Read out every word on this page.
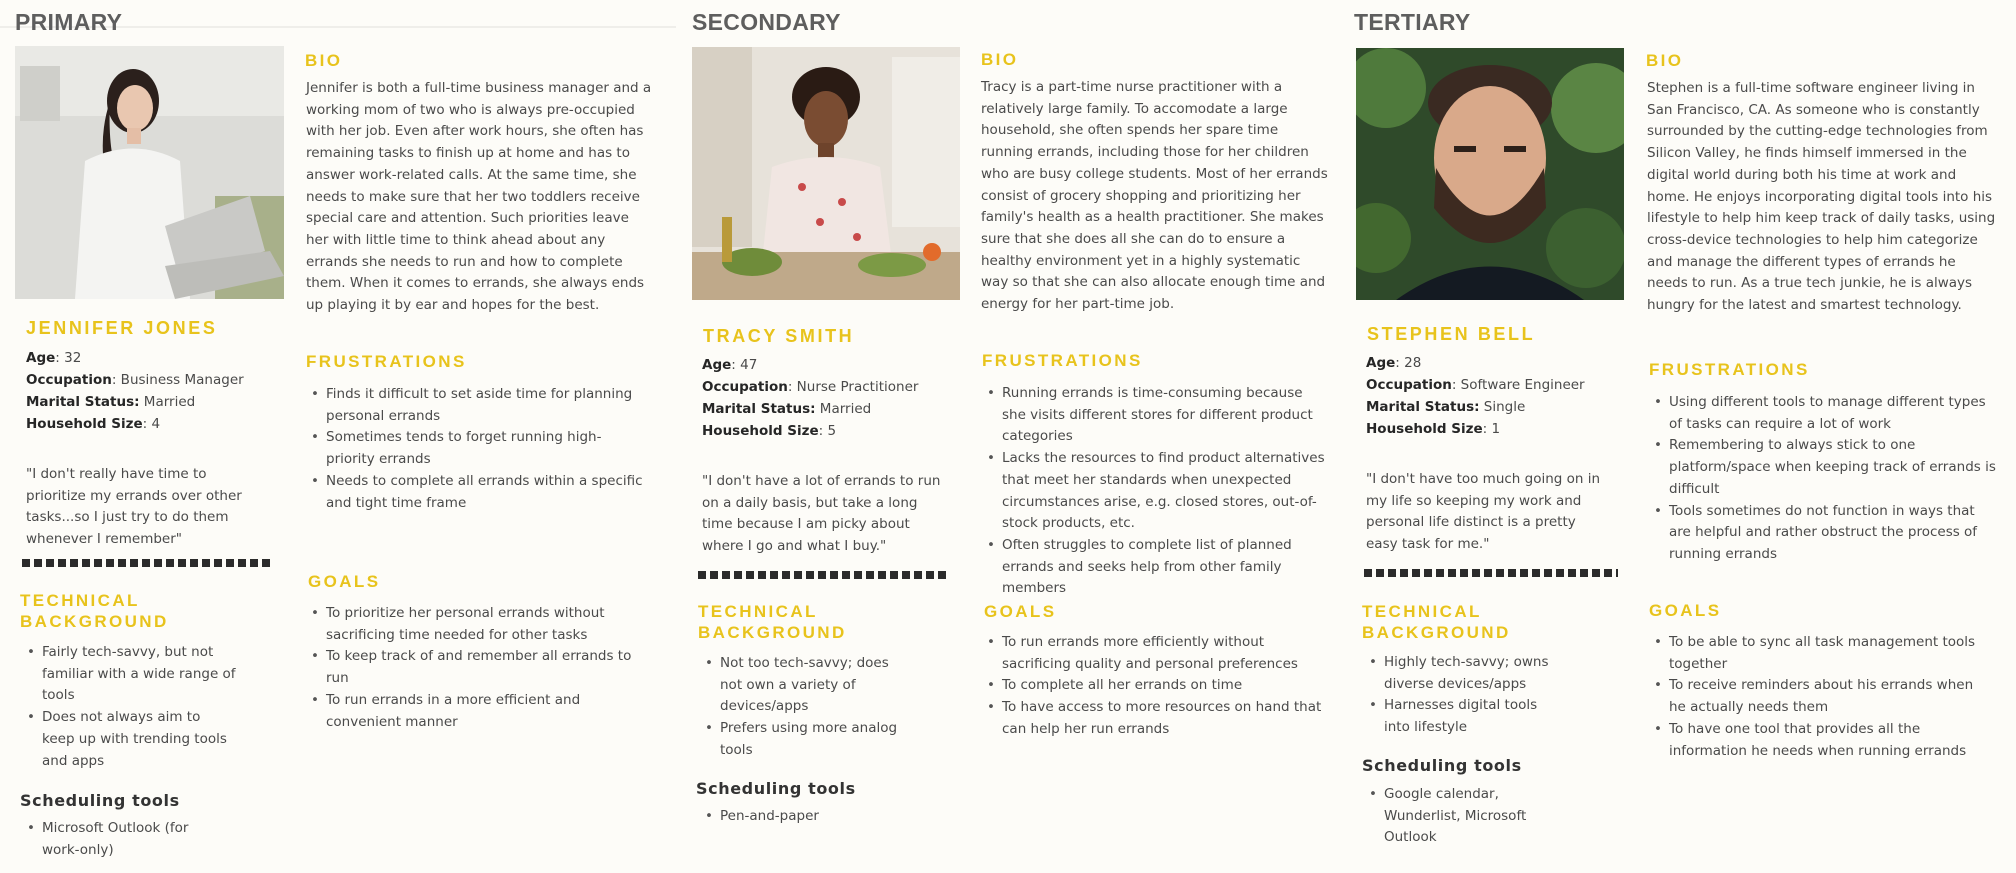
PRIMARY
JENNIFER JONES
Age: 32
Occupation: Business Manager
Marital Status: Married
Household Size: 4
"I don't really have time to prioritize my errands over other tasks...so I just try to do them whenever I remember"
TECHNICAL BACKGROUND
• Fairly tech-savvy, but not familiar with a wide range of tools
• Does not always aim to keep up with trending tools and apps
Scheduling tools
• Microsoft Outlook (for work-only)
BIO
Jennifer is both a full-time business manager and a working mom of two who is always pre-occupied with her job. Even after work hours, she often has remaining tasks to finish up at home and has to answer work-related calls. At the same time, she needs to make sure that her two toddlers receive special care and attention. Such priorities leave her with little time to think ahead about any errands she needs to run and how to complete them. When it comes to errands, she always ends up playing it by ear and hopes for the best.
FRUSTRATIONS
• Finds it difficult to set aside time for planning personal errands
• Sometimes tends to forget running high-priority errands
• Needs to complete all errands within a specific and tight time frame
GOALS
• To prioritize her personal errands without sacrificing time needed for other tasks
• To keep track of and remember all errands to run
• To run errands in a more efficient and convenient manner
SECONDARY
TRACY SMITH
Age: 47
Occupation: Nurse Practitioner
Marital Status: Married
Household Size: 5
"I don't have a lot of errands to run on a daily basis, but take a long time because I am picky about where I go and what I buy."
TECHNICAL BACKGROUND
• Not too tech-savvy; does not own a variety of devices/apps
• Prefers using more analog tools
Scheduling tools
• Pen-and-paper
BIO
Tracy is a part-time nurse practitioner with a relatively large family. To accomodate a large household, she often spends her spare time running errands, including those for her children who are busy college students. Most of her errands consist of grocery shopping and prioritizing her family's health as a health practitioner. She makes sure that she does all she can do to ensure a healthy environment yet in a highly systematic way so that she can also allocate enough time and energy for her part-time job.
FRUSTRATIONS
• Running errands is time-consuming because she visits different stores for different product categories
• Lacks the resources to find product alternatives that meet her standards when unexpected circumstances arise, e.g. closed stores, out-of-stock products, etc.
• Often struggles to complete list of planned errands and seeks help from other family members
GOALS
• To run errands more efficiently without sacrificing quality and personal preferences
• To complete all her errands on time
• To have access to more resources on hand that can help her run errands
TERTIARY
STEPHEN BELL
Age: 28
Occupation: Software Engineer
Marital Status: Single
Household Size: 1
"I don't have too much going on in my life so keeping my work and personal life distinct is a pretty easy task for me."
TECHNICAL BACKGROUND
• Highly tech-savvy; owns diverse devices/apps
• Harnesses digital tools into lifestyle
Scheduling tools
• Google calendar, Wunderlist, Microsoft Outlook
BIO
Stephen is a full-time software engineer living in San Francisco, CA. As someone who is constantly surrounded by the cutting-edge technologies from Silicon Valley, he finds himself immersed in the digital world during both his time at work and home. He enjoys incorporating digital tools into his lifestyle to help him keep track of daily tasks, using cross-device technologies to help him categorize and manage the different types of errands he needs to run. As a true tech junkie, he is always hungry for the latest and smartest technology.
FRUSTRATIONS
• Using different tools to manage different types of tasks can require a lot of work
• Remembering to always stick to one platform/space when keeping track of errands is difficult
• Tools sometimes do not function in ways that are helpful and rather obstruct the process of running errands
GOALS
• To be able to sync all task management tools together
• To receive reminders about his errands when he actually needs them
• To have one tool that provides all the information he needs when running errands
